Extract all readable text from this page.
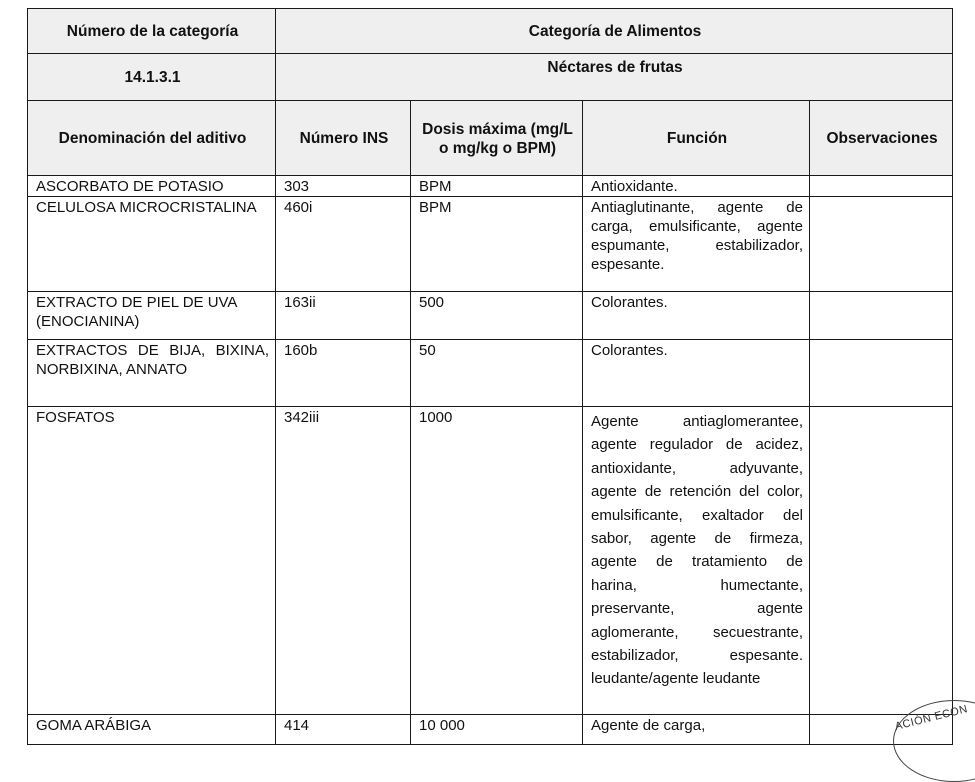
Número de la categoría	Categoría de Alimentos			
14.1.3.1	Néctares de frutas			
Denominación del aditivo	Número INS	Dosis máxima (mg/L o mg/kg o BPM)	Función	Observaciones
ASCORBATO DE POTASIO	303	BPM	Antioxidante.	
CELULOSA MICROCRISTALINA	460i	BPM	Antiaglutinante, agente de carga, emulsificante, agente espumante, estabilizador, espesante.	
EXTRACTO DE PIEL DE UVA (ENOCIANINA)	163ii	500	Colorantes.	
EXTRACTOS DE BIJA, BIXINA, NORBIXINA, ANNATO	160b	50	Colorantes.	
FOSFATOS	342iii	1000	Agente antiaglomerantee, agente regulador de acidez, antioxidante, adyuvante, agente de retención del color, emulsificante, exaltador del sabor, agente de firmeza, agente de tratamiento de harina, humectante, preservante, agente aglomerante, secuestrante, estabilizador, espesante. leudante/agente leudante	
GOMA ARÁBIGA	414	10 000	Agente de carga,		ACIÓN ECON
